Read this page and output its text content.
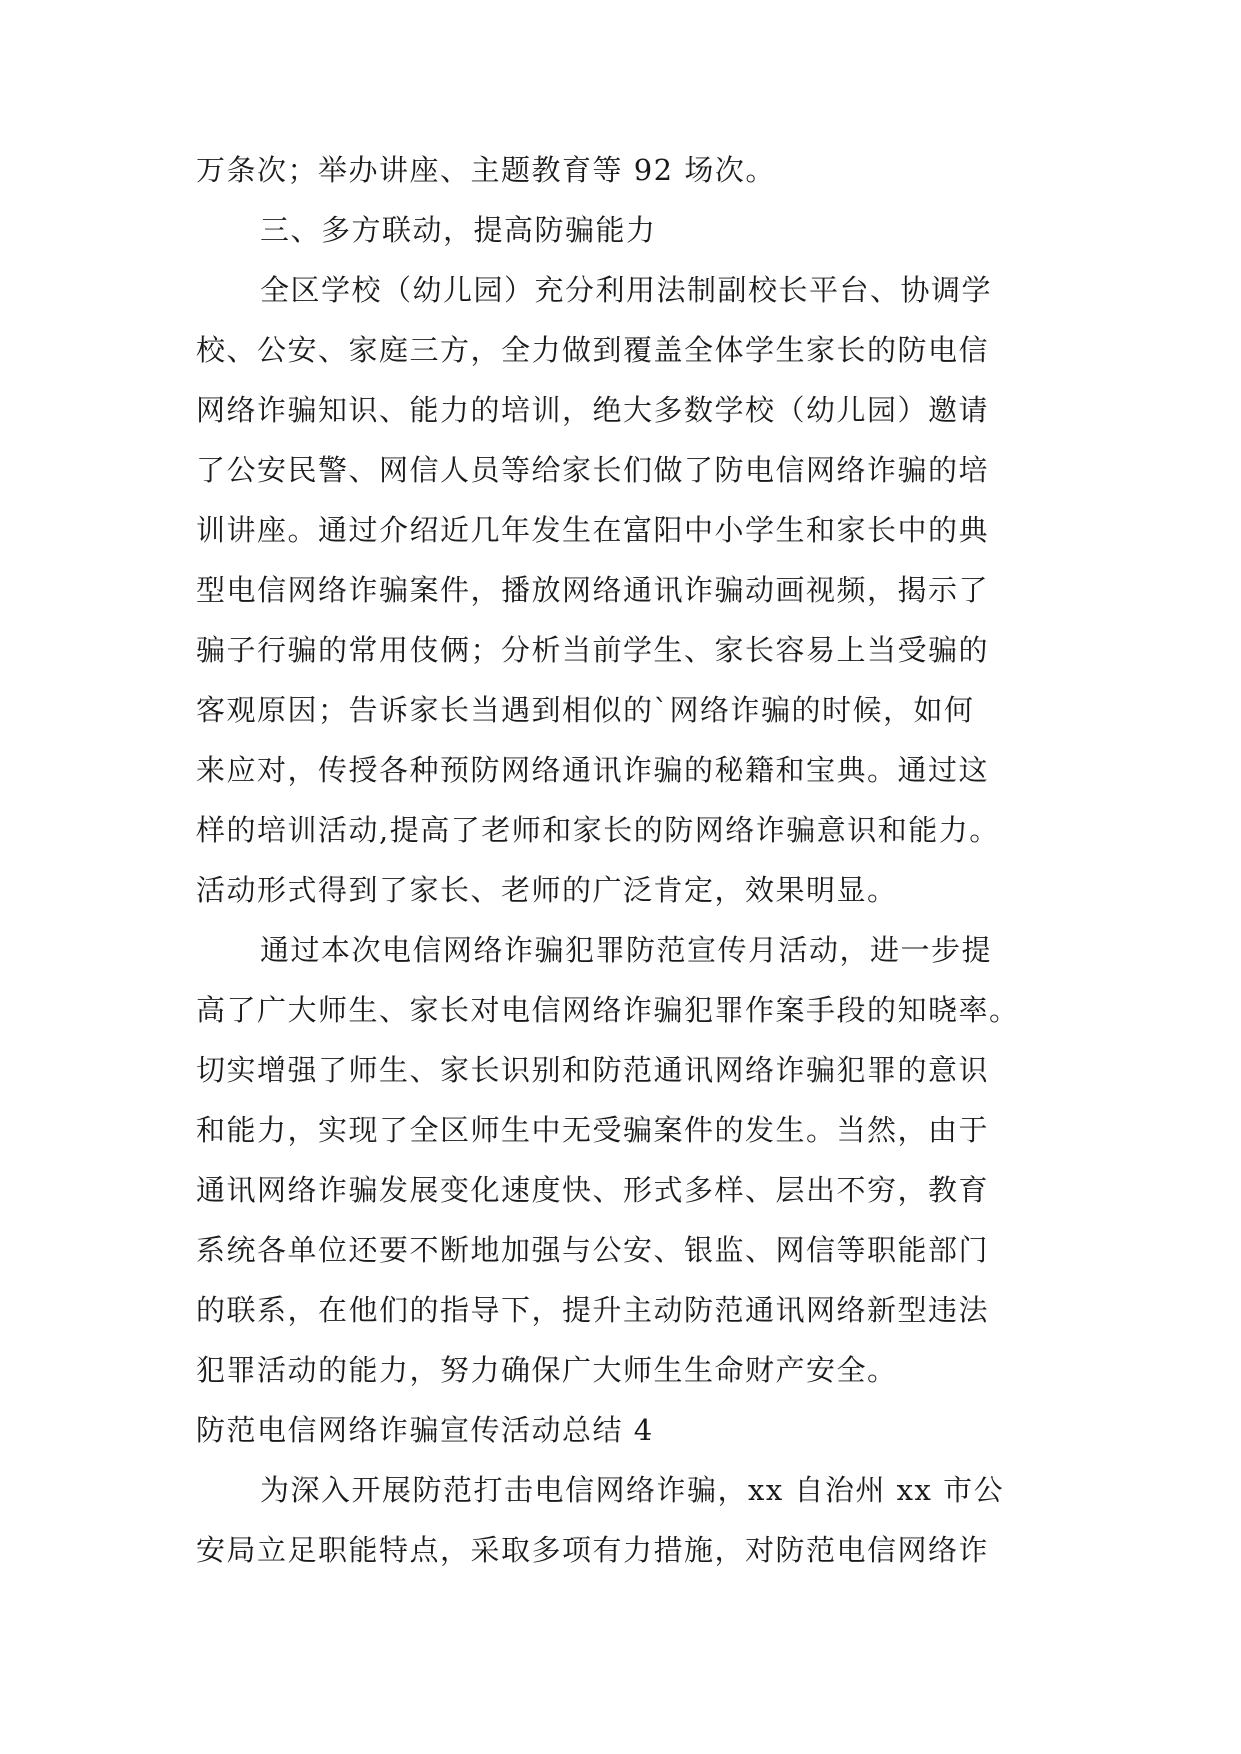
万条次；举办讲座、主题教育等 92 场次。
三、多方联动，提高防骗能力
全区学校（幼儿园）充分利用法制副校长平台、协调学
校、公安、家庭三方，全力做到覆盖全体学生家长的防电信
网络诈骗知识、能力的培训，绝大多数学校（幼儿园）邀请
了公安民警、网信人员等给家长们做了防电信网络诈骗的培
训讲座。通过介绍近几年发生在富阳中小学生和家长中的典
型电信网络诈骗案件，播放网络通讯诈骗动画视频，揭示了
骗子行骗的常用伎俩；分析当前学生、家长容易上当受骗的
客观原因；告诉家长当遇到相似的`网络诈骗的时候，如何
来应对，传授各种预防网络通讯诈骗的秘籍和宝典。通过这
样的培训活动,提高了老师和家长的防网络诈骗意识和能力。
活动形式得到了家长、老师的广泛肯定，效果明显。
通过本次电信网络诈骗犯罪防范宣传月活动，进一步提
高了广大师生、家长对电信网络诈骗犯罪作案手段的知晓率。
切实增强了师生、家长识别和防范通讯网络诈骗犯罪的意识
和能力，实现了全区师生中无受骗案件的发生。当然，由于
通讯网络诈骗发展变化速度快、形式多样、层出不穷，教育
系统各单位还要不断地加强与公安、银监、网信等职能部门
的联系，在他们的指导下，提升主动防范通讯网络新型违法
犯罪活动的能力，努力确保广大师生生命财产安全。
防范电信网络诈骗宣传活动总结 4
为深入开展防范打击电信网络诈骗，xx 自治州 xx 市公
安局立足职能特点，采取多项有力措施，对防范电信网络诈
